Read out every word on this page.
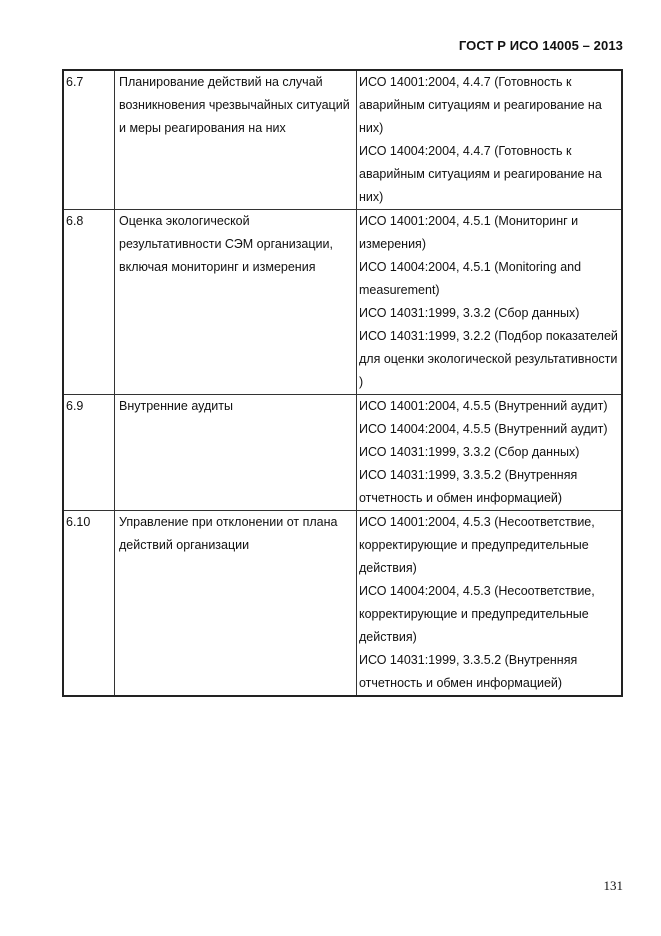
ГОСТ Р ИСО 14005 – 2013
6.7	Планирование действий на случай возникновения чрезвычайных ситуаций и меры реагирования на них	ИСО 14001:2004, 4.4.7 (Готовность к аварийным ситуациям и реагирование на них)
ИСО 14004:2004, 4.4.7 (Готовность к аварийным ситуациям и реагирование на них)

6.8	Оценка экологической результативности СЭМ организации, включая мониторинг и измерения	ИСО 14001:2004, 4.5.1 (Мониторинг и измерения)
ИСО 14004:2004, 4.5.1 (Monitoring and measurement)
ИСО 14031:1999, 3.3.2 (Сбор данных)
ИСО 14031:1999, 3.2.2 (Подбор показателей для оценки экологической результативности )

6.9	Внутренние аудиты	ИСО 14001:2004, 4.5.5 (Внутренний аудит)
ИСО 14004:2004, 4.5.5 (Внутренний аудит)
ИСО 14031:1999, 3.3.2 (Сбор данных)
ИСО 14031:1999, 3.3.5.2 (Внутренняя отчетность и обмен информацией)

6.10	Управление при отклонении от плана действий организации	ИСО 14001:2004, 4.5.3 (Несоответствие, корректирующие и предупредительные действия)
ИСО 14004:2004, 4.5.3 (Несоответствие, корректирующие и предупредительные действия)
ИСО 14031:1999, 3.3.5.2 (Внутренняя отчетность и обмен информацией)
131
